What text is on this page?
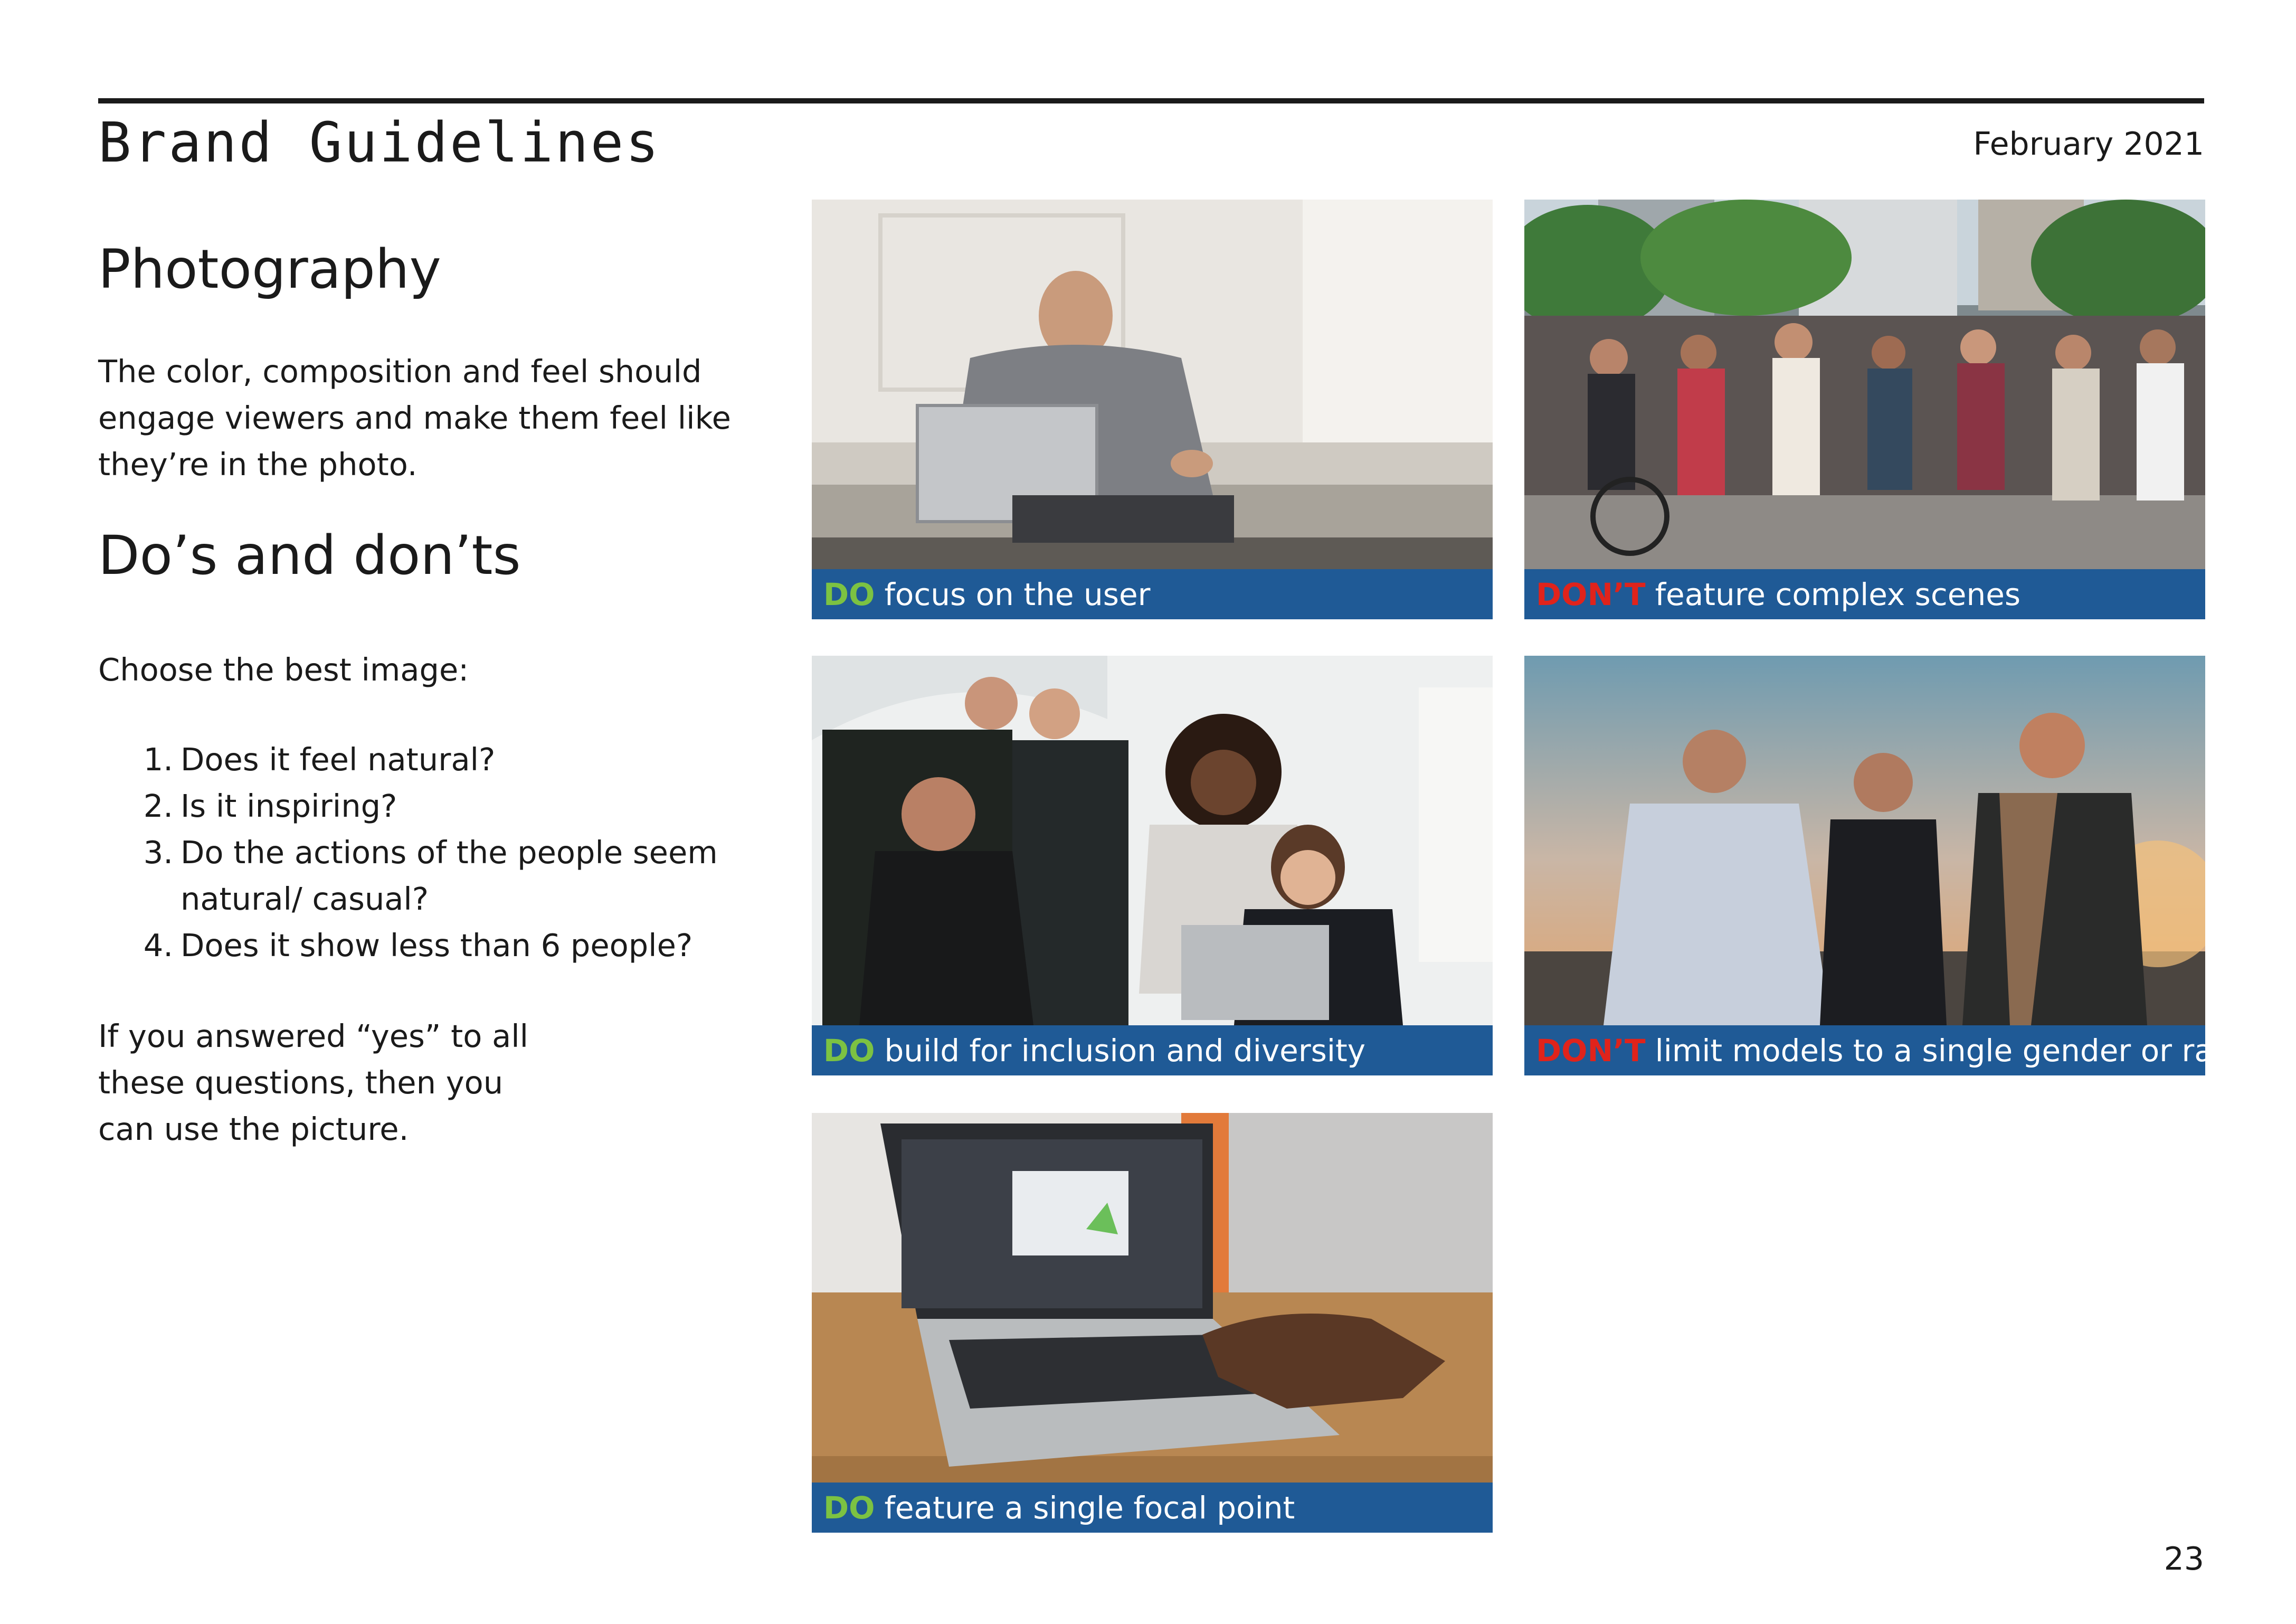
Brand Guidelines	February 2021
Photography

The color, composition and feel should engage viewers and make them feel like they’re in the photo.

Do’s and don’ts

Choose the best image:

1. Does it feel natural?
2. Is it inspiring?
3. Do the actions of the people seem natural/ casual?
4. Does it show less than 6 people?

If you answered “yes” to all these questions, then you can use the picture.

DO focus on the user	DON’T feature complex scenes
DO build for inclusion and diversity	DON’T limit models to a single gender or race
DO feature a single focal point
23
